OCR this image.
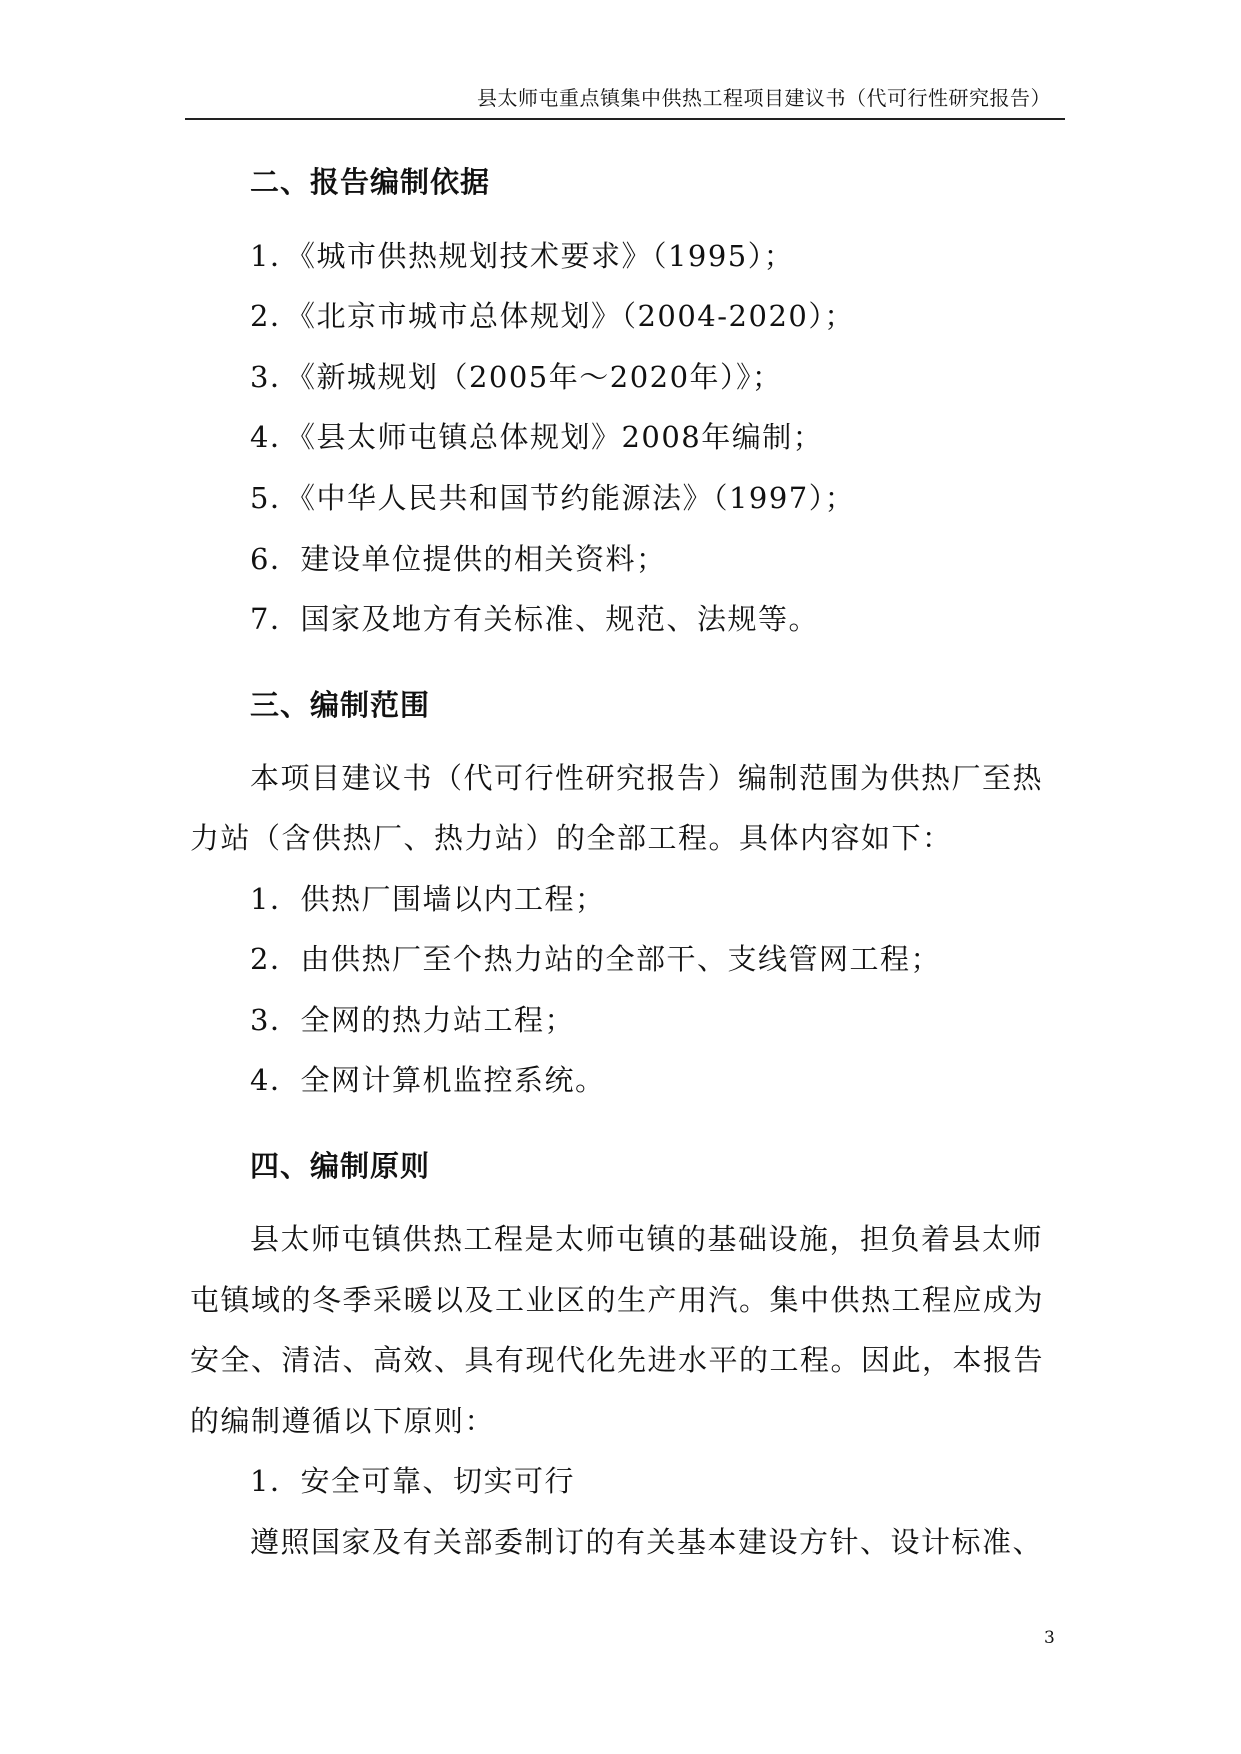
县太师屯重点镇集中供热工程项目建议书（代可行性研究报告）
二、报告编制依据
1．《城市供热规划技术要求》（1995）；
2．《北京市城市总体规划》（2004-2020）；
3．《新城规划（2005年～2020年）》；
4．《县太师屯镇总体规划》2008年编制；
5．《中华人民共和国节约能源法》（1997）；
6．建设单位提供的相关资料；
7．国家及地方有关标准、规范、法规等。
三、编制范围
本项目建议书（代可行性研究报告）编制范围为供热厂至热
力站（含供热厂、热力站）的全部工程。具体内容如下：
1．供热厂围墙以内工程；
2．由供热厂至个热力站的全部干、支线管网工程；
3．全网的热力站工程；
4．全网计算机监控系统。
四、编制原则
县太师屯镇供热工程是太师屯镇的基础设施，担负着县太师
屯镇域的冬季采暖以及工业区的生产用汽。集中供热工程应成为
安全、清洁、高效、具有现代化先进水平的工程。因此，本报告
的编制遵循以下原则：
1．安全可靠、切实可行
遵照国家及有关部委制订的有关基本建设方针、设计标准、
3
